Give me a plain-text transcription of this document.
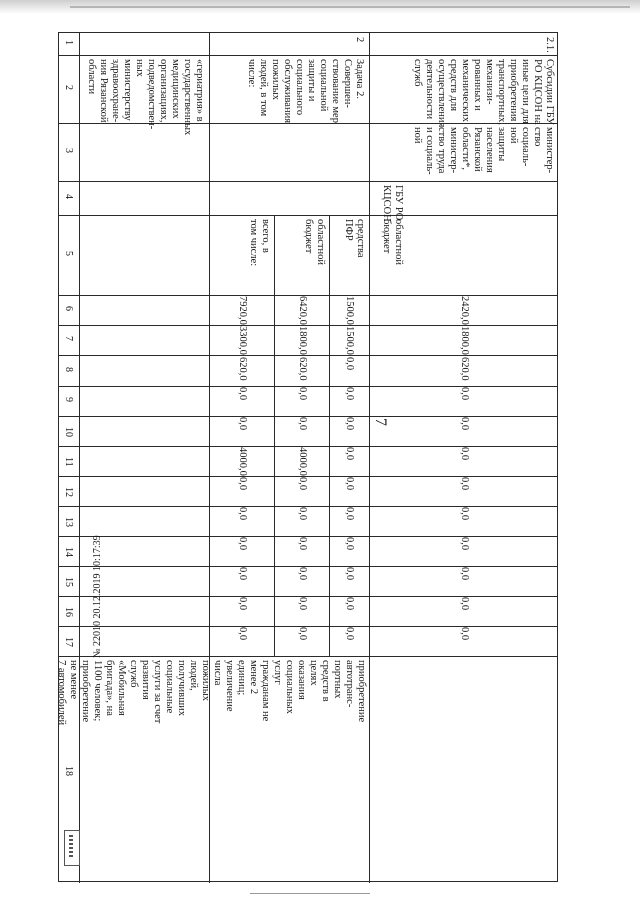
7
1
2
3
4
5
6
7
8
9
10
11
12
13
14
15
16
17
18
«гериатрия» в
государственных
медицинских
организациях,
подведомствен-
ных
министерству
здравоохране-
ния Рязанской
области
2
Задача 2.
Совершен-
ствование мер
социальной
защиты и
социального
обслуживания
пожилых
людей, в том
числе:
всего, в
том числе:
7920,0
3300,0
620,0
0,0
0,0
4000,0
0,0
0,0
0,0
0,0
0,0
0,0
областной
бюджет
6420,0
1800,0
620,0
0,0
0,0
4000,0
0,0
0,0
0,0
0,0
0,0
0,0
средства
ПФР
1500,0
1500,0
0,0
0,0
0,0
0,0
0,0
0,0
0,0
0,0
0,0
0,0
приобретение
автотранс-
портных
средств в
целях
оказания
социальных
услуг
гражданам не
менее 2
единиц;
увеличение
числа
пожилых
людей,
получивших
социальные
услуги за счет
развития
служб
«Мобильная
бригада», на
1100 человек;
приобретение
не менее
7 автомобилей
2.1.
Субсидии ГБУ
РО КЦСОН на
иные цели для
приобретения
транспортных,
механизи-
рованных и
механических
средств для
осуществления
деятельности
служб
министер-
ство
социаль-
ной
защиты
населения
Рязанской
области*,
министер-
ство труда
и социаль-
ной
ГБУ РО
КЦСОН
областной
бюджет
2420,0
1800,0
620,0
0,0
0,0
0,0
0,0
0,0
0,0
0,0
0,0
0,0
№ 22010 20.12.2019 10:17:39
